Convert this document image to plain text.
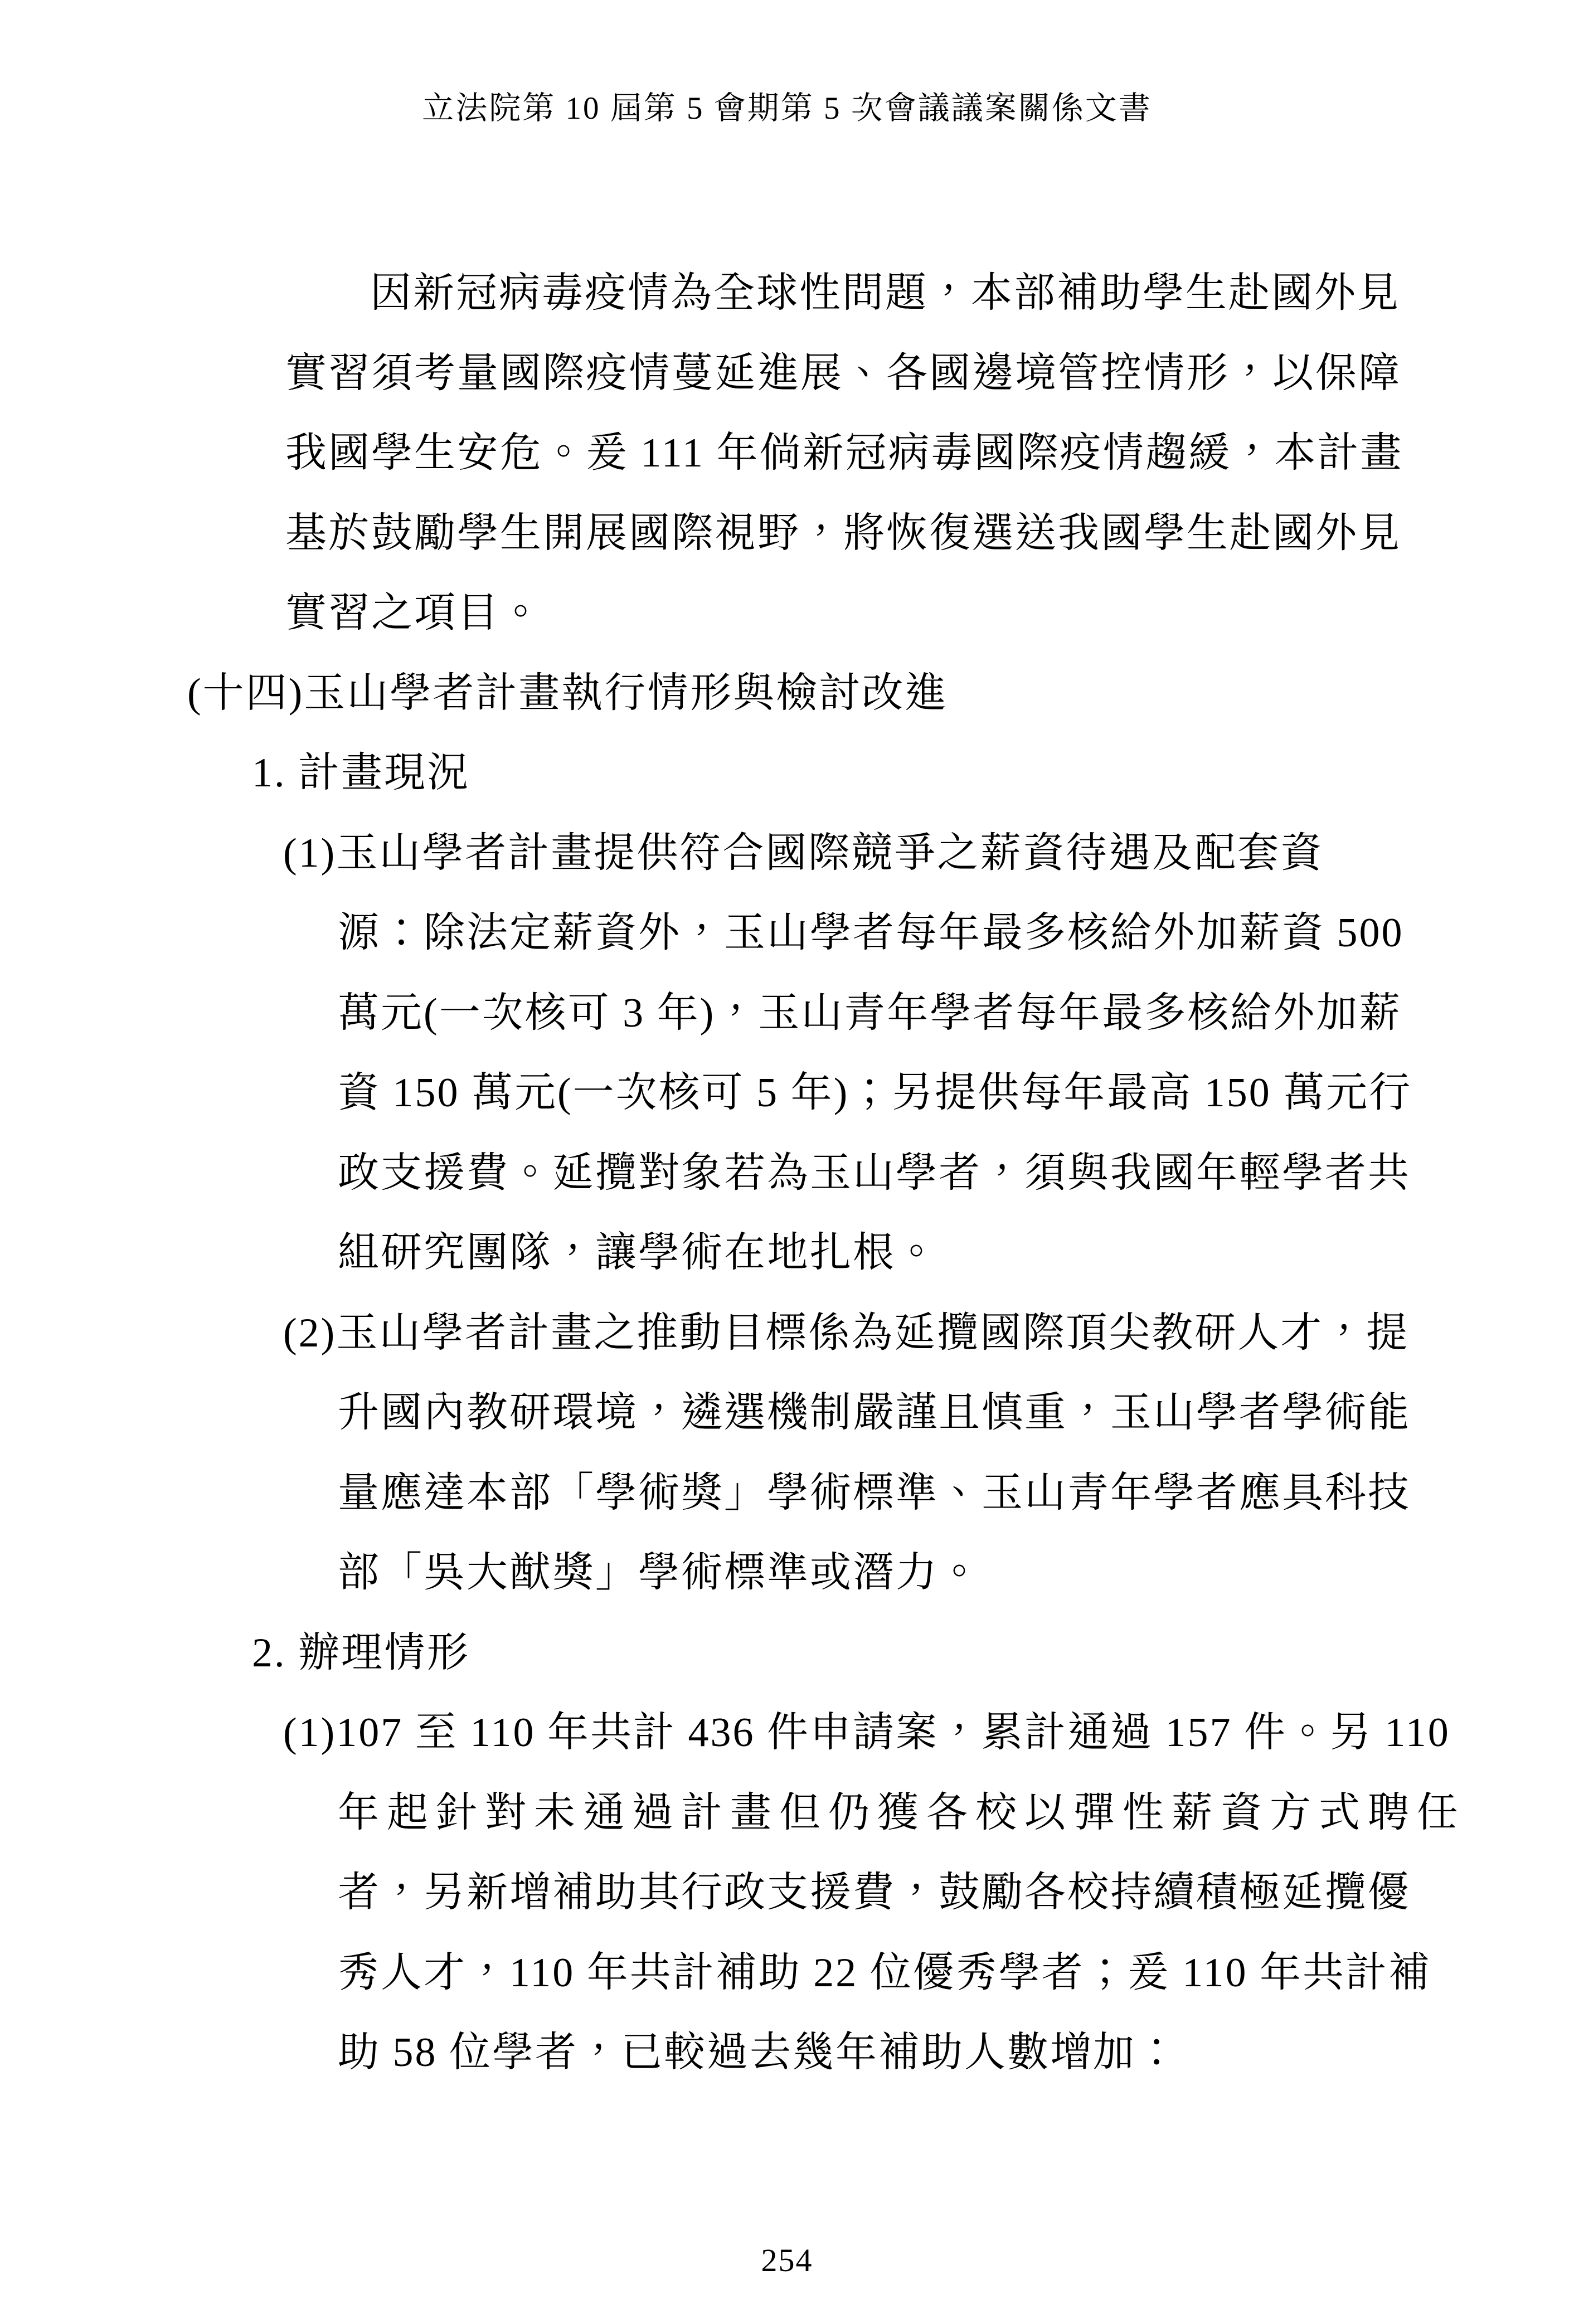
立法院第 10 屆第 5 會期第 5 次會議議案關係文書
因新冠病毒疫情為全球性問題，本部補助學生赴國外見
實習須考量國際疫情蔓延進展、各國邊境管控情形，以保障
我國學生安危。爰 111 年倘新冠病毒國際疫情趨緩，本計畫
基於鼓勵學生開展國際視野，將恢復選送我國學生赴國外見
實習之項目。
(十四)玉山學者計畫執行情形與檢討改進
1. 計畫現況
(1)玉山學者計畫提供符合國際競爭之薪資待遇及配套資
源：除法定薪資外，玉山學者每年最多核給外加薪資 500
萬元(一次核可 3 年)，玉山青年學者每年最多核給外加薪
資 150 萬元(一次核可 5 年)；另提供每年最高 150 萬元行
政支援費。延攬對象若為玉山學者，須與我國年輕學者共
組研究團隊，讓學術在地扎根。
(2)玉山學者計畫之推動目標係為延攬國際頂尖教研人才，提
升國內教研環境，遴選機制嚴謹且慎重，玉山學者學術能
量應達本部「學術獎」學術標準、玉山青年學者應具科技
部「吳大猷獎」學術標準或潛力。
2. 辦理情形
(1)107 至 110 年共計 436 件申請案，累計通過 157 件。另 110
年起針對未通過計畫但仍獲各校以彈性薪資方式聘任
者，另新增補助其行政支援費，鼓勵各校持續積極延攬優
秀人才，110 年共計補助 22 位優秀學者；爰 110 年共計補
助 58 位學者，已較過去幾年補助人數增加：
254
